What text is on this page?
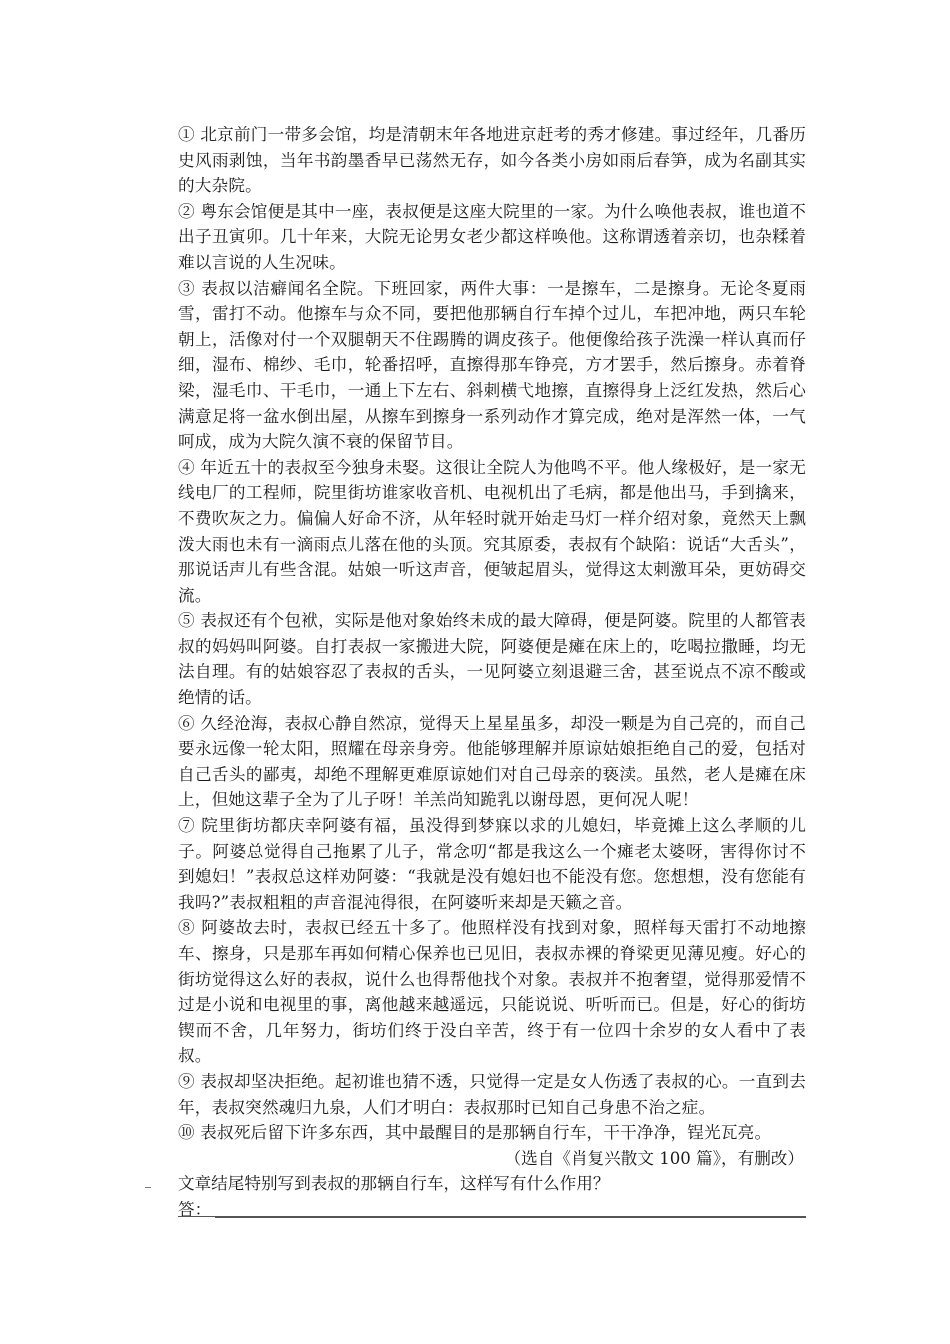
① 北京前门一带多会馆，均是清朝末年各地进京赶考的秀才修建。事过经年，几番历史风雨剥蚀，当年书韵墨香早已荡然无存，如今各类小房如雨后春笋，成为名副其实的大杂院。

② 粤东会馆便是其中一座，表叔便是这座大院里的一家。为什么唤他表叔，谁也道不出子丑寅卯。几十年来，大院无论男女老少都这样唤他。这称谓透着亲切，也杂糅着难以言说的人生况味。

③ 表叔以洁癖闻名全院。下班回家，两件大事：一是擦车，二是擦身。无论冬夏雨雪，雷打不动。他擦车与众不同，要把他那辆自行车掉个过儿，车把冲地，两只车轮朝上，活像对付一个双腿朝天不住踢腾的调皮孩子。他便像给孩子洗澡一样认真而仔细，湿布、棉纱、毛巾，轮番招呼，直擦得那车铮亮，方才罢手，然后擦身。赤着脊梁，湿毛巾、干毛巾，一通上下左右、斜刺横弋地擦，直擦得身上泛红发热，然后心满意足将一盆水倒出屋，从擦车到擦身一系列动作才算完成，绝对是浑然一体，一气呵成，成为大院久演不衰的保留节目。

④ 年近五十的表叔至今独身未娶。这很让全院人为他鸣不平。他人缘极好，是一家无线电厂的工程师，院里街坊谁家收音机、电视机出了毛病，都是他出马，手到擒来，不费吹灰之力。偏偏人好命不济，从年轻时就开始走马灯一样介绍对象，竟然天上飘泼大雨也未有一滴雨点儿落在他的头顶。究其原委，表叔有个缺陷：说话“大舌头”，那说话声儿有些含混。姑娘一听这声音，便皱起眉头，觉得这太刺激耳朵，更妨碍交流。

⑤ 表叔还有个包袱，实际是他对象始终未成的最大障碍，便是阿婆。院里的人都管表叔的妈妈叫阿婆。自打表叔一家搬进大院，阿婆便是瘫在床上的，吃喝拉撒睡，均无法自理。有的姑娘容忍了表叔的舌头，一见阿婆立刻退避三舍，甚至说点不凉不酸或绝情的话。

⑥ 久经沧海，表叔心静自然凉，觉得天上星星虽多，却没一颗是为自己亮的，而自己要永远像一轮太阳，照耀在母亲身旁。他能够理解并原谅姑娘拒绝自己的爱，包括对自己舌头的鄙夷，却绝不理解更难原谅她们对自己母亲的亵渎。虽然，老人是瘫在床上，但她这辈子全为了儿子呀！羊羔尚知跪乳以谢母恩，更何况人呢！

⑦ 院里街坊都庆幸阿婆有福，虽没得到梦寐以求的儿媳妇，毕竟摊上这么孝顺的儿子。阿婆总觉得自己拖累了儿子，常念叨“都是我这么一个瘫老太婆呀，害得你讨不到媳妇！”表叔总这样劝阿婆：“我就是没有媳妇也不能没有您。您想想，没有您能有我吗?”表叔粗粗的声音混沌得很，在阿婆听来却是天籁之音。

⑧ 阿婆故去时，表叔已经五十多了。他照样没有找到对象，照样每天雷打不动地擦车、擦身，只是那车再如何精心保养也已见旧，表叔赤裸的脊梁更见薄见瘦。好心的街坊觉得这么好的表叔，说什么也得帮他找个对象。表叔并不抱奢望，觉得那爱情不过是小说和电视里的事，离他越来越遥远，只能说说、听听而已。但是，好心的街坊锲而不舍，几年努力，街坊们终于没白辛苦，终于有一位四十余岁的女人看中了表叔。

⑨ 表叔却坚决拒绝。起初谁也猜不透，只觉得一定是女人伤透了表叔的心。一直到去年，表叔突然魂归九泉，人们才明白：表叔那时已知自己身患不治之症。

⑩ 表叔死后留下许多东西，其中最醒目的是那辆自行车，干干净净，锃光瓦亮。

（选自《肖复兴散文 100 篇》，有删改）

文章结尾特别写到表叔的那辆自行车，这样写有什么作用？

答：
